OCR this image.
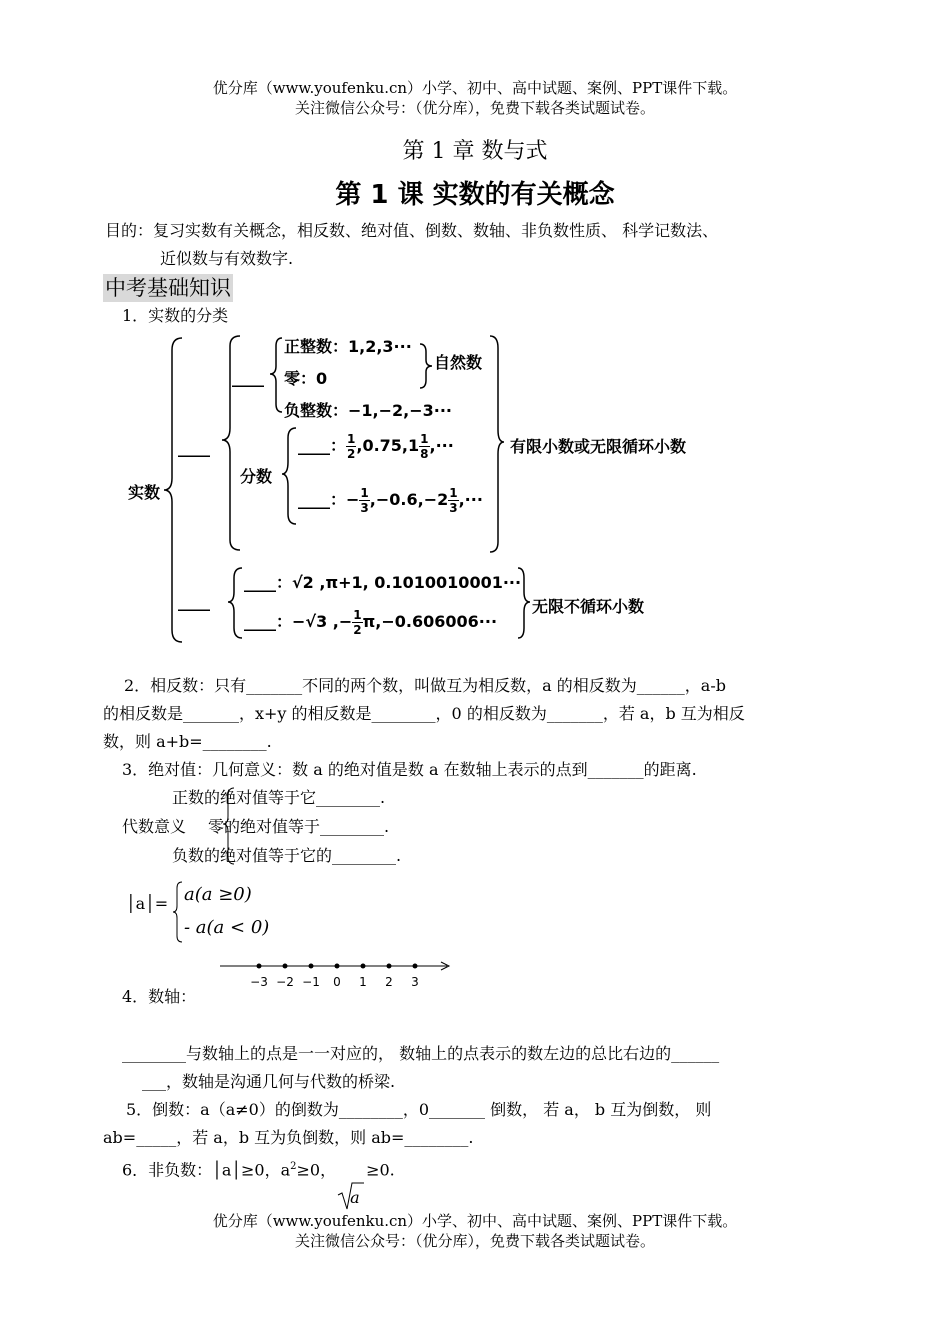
优分库（www.youfenku.cn）小学、初中、高中试题、案例、PPT课件下载。
关注微信公众号：（优分库），免费下载各类试题试卷。
第 1 章 数与式
第 1 课 实数的有关概念
目的：复习实数有关概念，相反数、绝对值、倒数、数轴、非负数性质、 科学记数法、
近似数与有效数字.
中考基础知识
1．实数的分类
实数
____
____
____
正整数：1,2,3···
零：0
负整数：−1,−2,−3···
自然数
分数
____： $\frac{1}{2} ,0.75,1 \frac{1}{8}$ ,···
____：− $\frac{1}{3} ,-0.6,-2 \frac{1}{3}$ ,···
有限小数或无限循环小数
____：√2 ,π+1, 0.1010010001···
____：−√3 ,− $\frac{1}{2} \pi,-0.606006\cdot\cdot\cdot$
无限不循环小数
2．相反数：只有_______不同的两个数，叫做互为相反数，a 的相反数为______，a-b
的相反数是_______，x+y 的相反数是________，0 的相反数为_______，若 a，b 互为相反
数，则 a+b=________.
3．绝对值：几何意义：数 a 的绝对值是数 a 在数轴上表示的点到_______的距离.
正数的绝对值等于它________.
代数意义 零的绝对值等于________.
负数的绝对值等于它的________.
│a│= a(a ≥0)
- a(a < 0)
−3 −2 −1 0 1 2 3
4．数轴：
________与数轴上的点是一一对应的， 数轴上的点表示的数左边的总比右边的______
___，数轴是沟通几何与代数的桥梁.
5．倒数：a（a≠0）的倒数为________，0_______ 倒数， 若 a， b 互为倒数， 则
ab=_____，若 a，b 互为负倒数，则 ab=________.
6．非负数：│a│≥0，$a^2\ge 0$，
a
≥0.
优分库（www.youfenku.cn）小学、初中、高中试题、案例、PPT课件下载。
关注微信公众号：（优分库），免费下载各类试题试卷。
